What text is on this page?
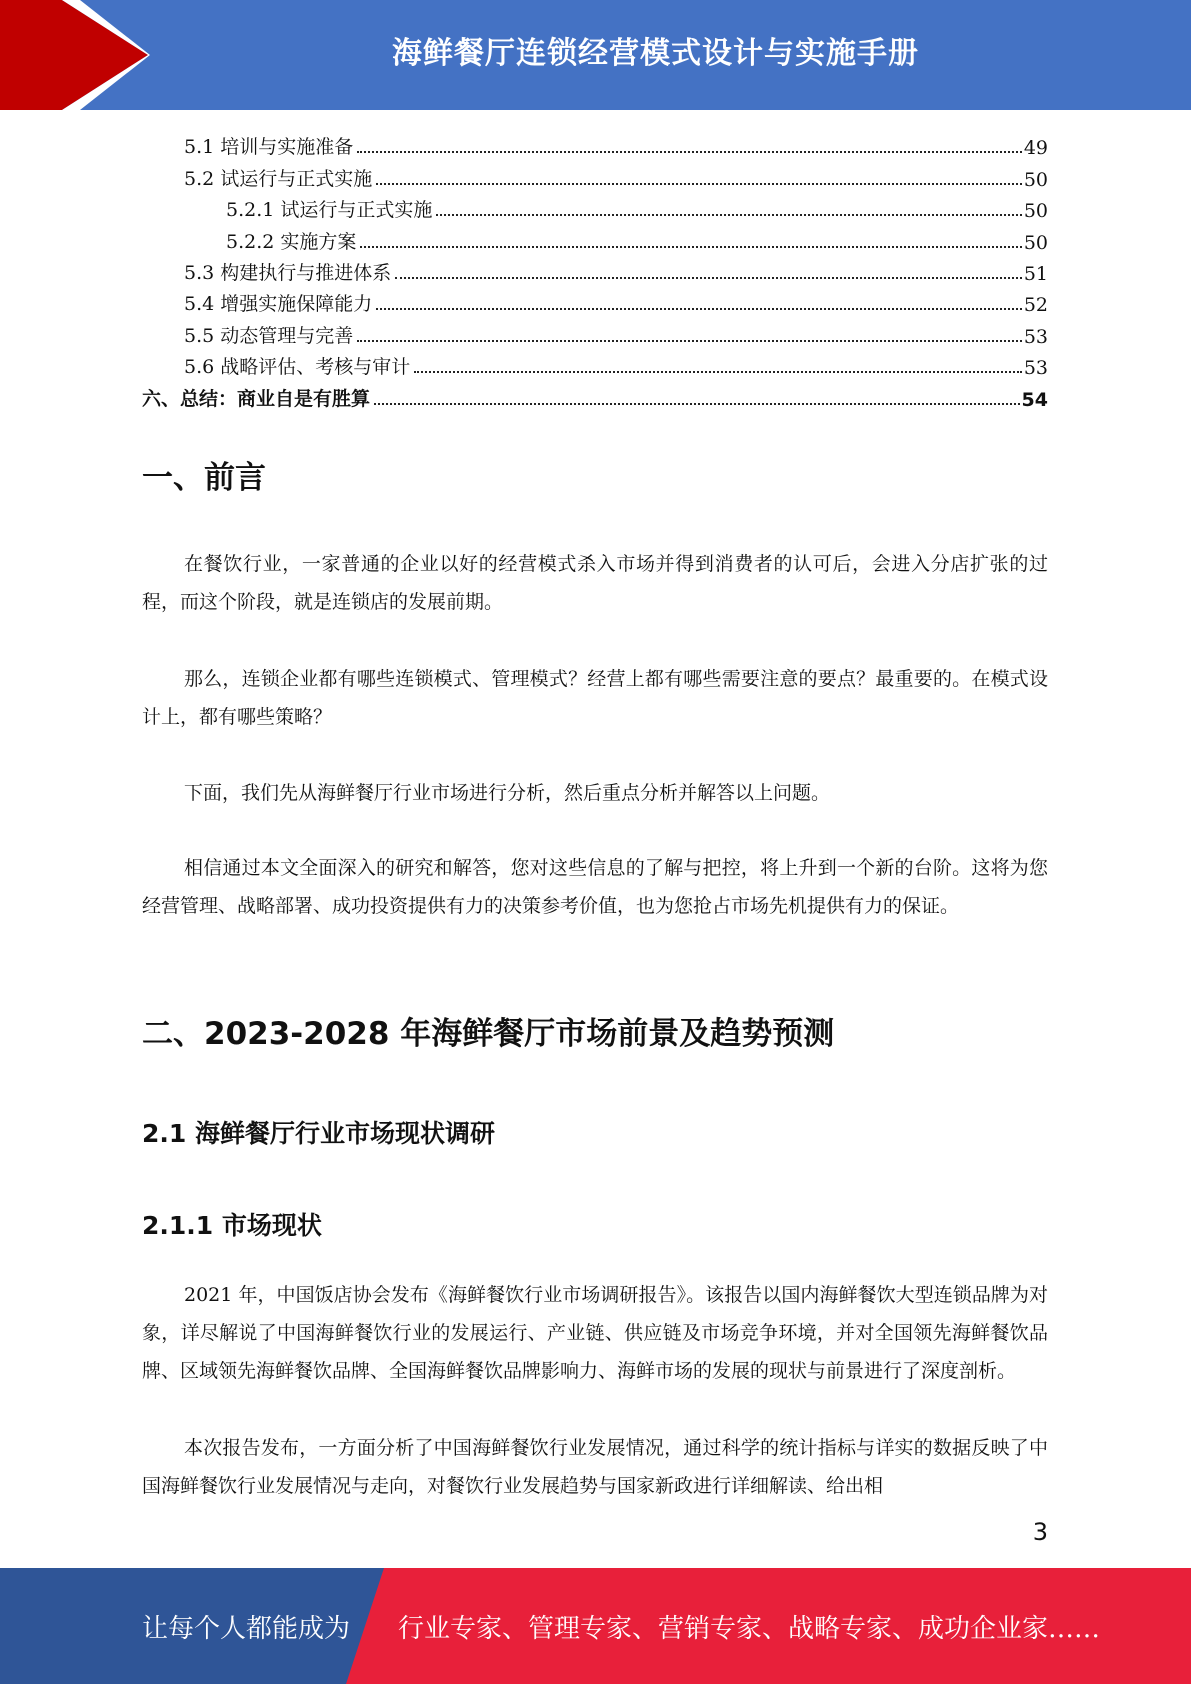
海鲜餐厅连锁经营模式设计与实施手册
5.1 培训与实施准备	49
5.2 试运行与正式实施	50
5.2.1 试运行与正式实施	50
5.2.2 实施方案	50
5.3 构建执行与推进体系	51
5.4 增强实施保障能力	52
5.5 动态管理与完善	53
5.6 战略评估、考核与审计	53
六、总结：商业自是有胜算	54
一、前言

在餐饮行业，一家普通的企业以好的经营模式杀入市场并得到消费者的认可后，会进入分店扩张的过程，而这个阶段，就是连锁店的发展前期。

那么，连锁企业都有哪些连锁模式、管理模式？经营上都有哪些需要注意的要点？最重要的。在模式设计上，都有哪些策略？

下面，我们先从海鲜餐厅行业市场进行分析，然后重点分析并解答以上问题。

相信通过本文全面深入的研究和解答，您对这些信息的了解与把控，将上升到一个新的台阶。这将为您经营管理、战略部署、成功投资提供有力的决策参考价值，也为您抢占市场先机提供有力的保证。

二、2023-2028 年海鲜餐厅市场前景及趋势预测
2.1 海鲜餐厅行业市场现状调研
2.1.1 市场现状

2021 年，中国饭店协会发布《海鲜餐饮行业市场调研报告》。该报告以国内海鲜餐饮大型连锁品牌为对象，详尽解说了中国海鲜餐饮行业的发展运行、产业链、供应链及市场竞争环境，并对全国领先海鲜餐饮品牌、区域领先海鲜餐饮品牌、全国海鲜餐饮品牌影响力、海鲜市场的发展的现状与前景进行了深度剖析。

本次报告发布，一方面分析了中国海鲜餐饮行业发展情况，通过科学的统计指标与详实的数据反映了中国海鲜餐饮行业发展情况与走向，对餐饮行业发展趋势与国家新政进行详细解读、给出相

3
让每个人都能成为 行业专家、管理专家、营销专家、战略专家、成功企业家……
